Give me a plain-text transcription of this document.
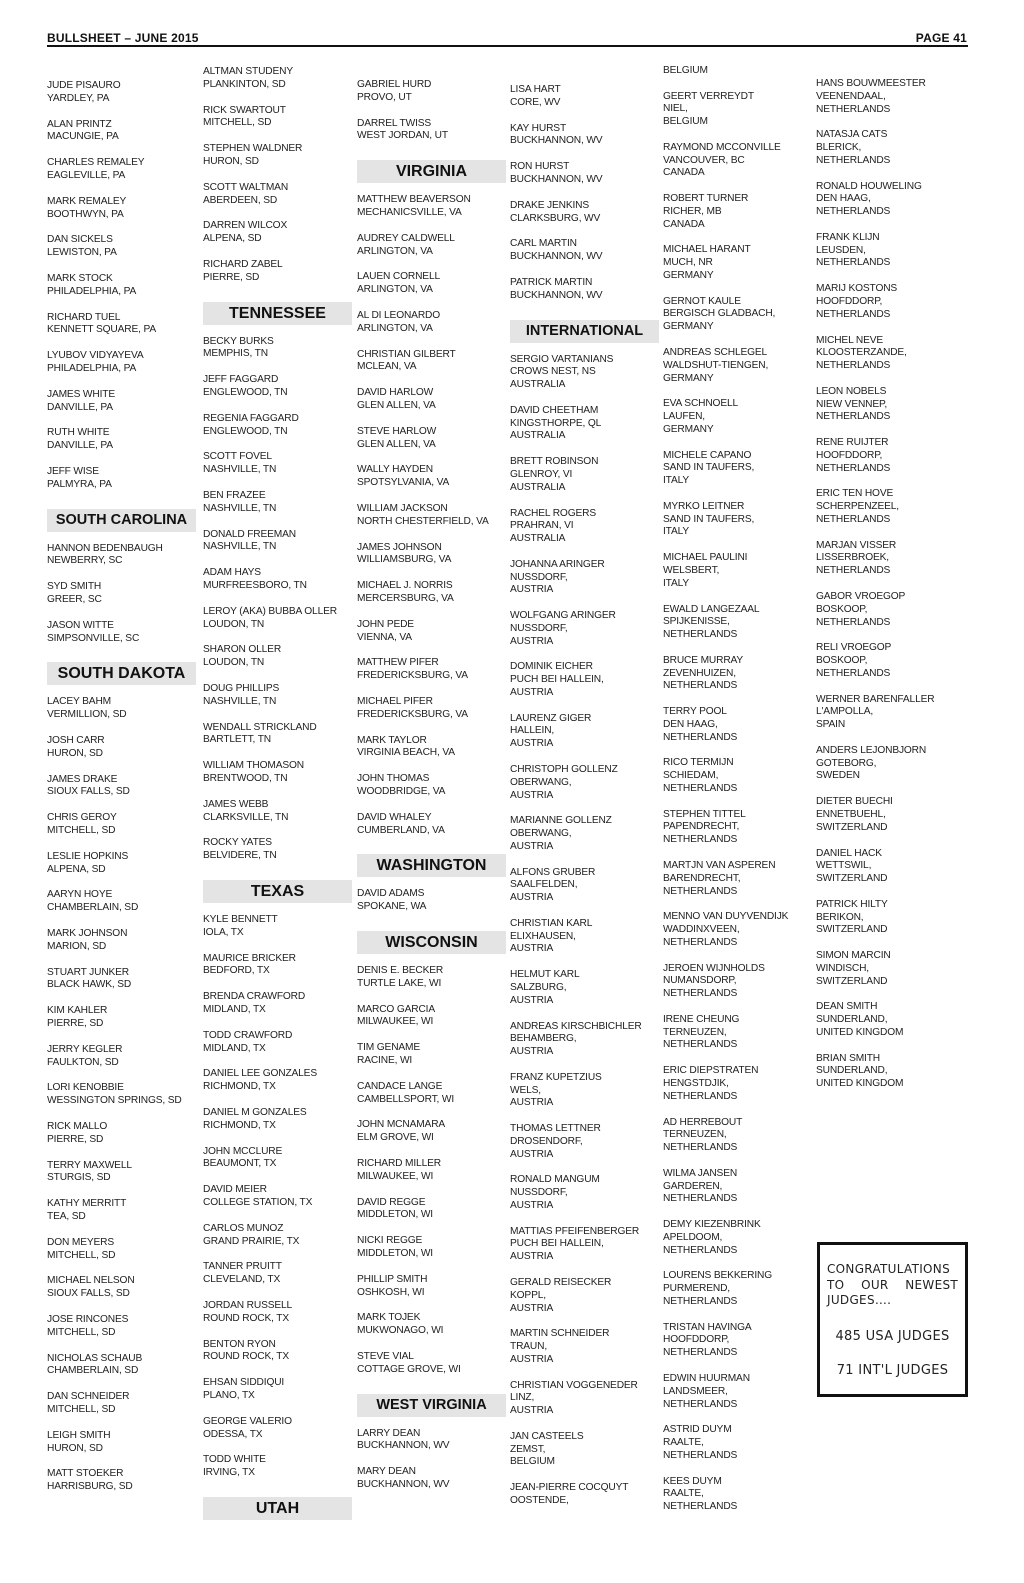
BULLSHEET – JUNE 2015	PAGE 41
JUDE PISAURO
YARDLEY, PA
ALAN PRINTZ
MACUNGIE, PA
CHARLES REMALEY
EAGLEVILLE, PA
MARK REMALEY
BOOTHWYN, PA
DAN SICKELS
LEWISTON, PA
MARK STOCK
PHILADELPHIA, PA
RICHARD TUEL
KENNETT SQUARE, PA
LYUBOV VIDYAYEVA
PHILADELPHIA, PA
JAMES WHITE
DANVILLE, PA
RUTH WHITE
DANVILLE, PA
JEFF WISE
PALMYRA, PA
SOUTH CAROLINA
HANNON BEDENBAUGH
NEWBERRY, SC
SYD SMITH
GREER, SC
JASON WITTE
SIMPSONVILLE, SC
SOUTH DAKOTA
LACEY BAHM
VERMILLION, SD
JOSH CARR
HURON, SD
JAMES DRAKE
SIOUX FALLS, SD
CHRIS GEROY
MITCHELL, SD
LESLIE HOPKINS
ALPENA, SD
AARYN HOYE
CHAMBERLAIN, SD
MARK JOHNSON
MARION, SD
STUART JUNKER
BLACK HAWK, SD
KIM KAHLER
PIERRE, SD
JERRY KEGLER
FAULKTON, SD
LORI KENOBBIE
WESSINGTON SPRINGS, SD
RICK MALLO
PIERRE, SD
TERRY MAXWELL
STURGIS, SD
KATHY MERRITT
TEA, SD
DON MEYERS
MITCHELL, SD
MICHAEL NELSON
SIOUX FALLS, SD
JOSE RINCONES
MITCHELL, SD
NICHOLAS SCHAUB
CHAMBERLAIN, SD
DAN SCHNEIDER
MITCHELL, SD
LEIGH SMITH
HURON, SD
MATT STOEKER
HARRISBURG, SD
ALTMAN STUDENY
PLANKINTON, SD
RICK SWARTOUT
MITCHELL, SD
STEPHEN WALDNER
HURON, SD
SCOTT WALTMAN
ABERDEEN, SD
DARREN WILCOX
ALPENA, SD
RICHARD ZABEL
PIERRE, SD
TENNESSEE
BECKY BURKS
MEMPHIS, TN
JEFF FAGGARD
ENGLEWOOD, TN
REGENIA FAGGARD
ENGLEWOOD, TN
SCOTT FOVEL
NASHVILLE, TN
BEN FRAZEE
NASHVILLE, TN
DONALD FREEMAN
NASHVILLE, TN
ADAM HAYS
MURFREESBORO, TN
LEROY (AKA) BUBBA OLLER
LOUDON, TN
SHARON OLLER
LOUDON, TN
DOUG PHILLIPS
NASHVILLE, TN
WENDALL STRICKLAND
BARTLETT, TN
WILLIAM THOMASON
BRENTWOOD, TN
JAMES WEBB
CLARKSVILLE, TN
ROCKY YATES
BELVIDERE, TN
TEXAS
KYLE BENNETT
IOLA, TX
MAURICE BRICKER
BEDFORD, TX
BRENDA CRAWFORD
MIDLAND, TX
TODD CRAWFORD
MIDLAND, TX
DANIEL LEE GONZALES
RICHMOND, TX
DANIEL M GONZALES
RICHMOND, TX
JOHN MCCLURE
BEAUMONT, TX
DAVID MEIER
COLLEGE STATION, TX
CARLOS MUNOZ
GRAND PRAIRIE, TX
TANNER PRUITT
CLEVELAND, TX
JORDAN RUSSELL
ROUND ROCK, TX
BENTON RYON
ROUND ROCK, TX
EHSAN SIDDIQUI
PLANO, TX
GEORGE VALERIO
ODESSA, TX
TODD WHITE
IRVING, TX
UTAH
GABRIEL HURD
PROVO, UT
DARREL TWISS
WEST JORDAN, UT
VIRGINIA
MATTHEW BEAVERSON
MECHANICSVILLE, VA
AUDREY CALDWELL
ARLINGTON, VA
LAUEN CORNELL
ARLINGTON, VA
AL DI LEONARDO
ARLINGTON, VA
CHRISTIAN GILBERT
MCLEAN, VA
DAVID HARLOW
GLEN ALLEN, VA
STEVE HARLOW
GLEN ALLEN, VA
WALLY HAYDEN
SPOTSYLVANIA, VA
WILLIAM JACKSON
NORTH CHESTERFIELD, VA
JAMES JOHNSON
WILLIAMSBURG, VA
MICHAEL J. NORRIS
MERCERSBURG, VA
JOHN PEDE
VIENNA, VA
MATTHEW PIFER
FREDERICKSBURG, VA
MICHAEL PIFER
FREDERICKSBURG, VA
MARK TAYLOR
VIRGINIA BEACH, VA
JOHN THOMAS
WOODBRIDGE, VA
DAVID WHALEY
CUMBERLAND, VA
WASHINGTON
DAVID ADAMS
SPOKANE, WA
WISCONSIN
DENIS E. BECKER
TURTLE LAKE, WI
MARCO GARCIA
MILWAUKEE, WI
TIM GENAME
RACINE, WI
CANDACE LANGE
CAMBELLSPORT, WI
JOHN MCNAMARA
ELM GROVE, WI
RICHARD MILLER
MILWAUKEE, WI
DAVID REGGE
MIDDLETON, WI
NICKI REGGE
MIDDLETON, WI
PHILLIP SMITH
OSHKOSH, WI
MARK TOJEK
MUKWONAGO, WI
STEVE VIAL
COTTAGE GROVE, WI
WEST VIRGINIA
LARRY DEAN
BUCKHANNON, WV
MARY DEAN
BUCKHANNON, WV
LISA HART
CORE, WV
KAY HURST
BUCKHANNON, WV
RON HURST
BUCKHANNON, WV
DRAKE JENKINS
CLARKSBURG, WV
CARL MARTIN
BUCKHANNON, WV
PATRICK MARTIN
BUCKHANNON, WV
INTERNATIONAL
SERGIO VARTANIANS
CROWS NEST, NS
AUSTRALIA
DAVID CHEETHAM
KINGSTHORPE, QL
AUSTRALIA
BRETT ROBINSON
GLENROY, VI
AUSTRALIA
RACHEL ROGERS
PRAHRAN, VI
AUSTRALIA
JOHANNA ARINGER
NUSSDORF,
AUSTRIA
WOLFGANG ARINGER
NUSSDORF,
AUSTRIA
DOMINIK EICHER
PUCH BEI HALLEIN,
AUSTRIA
LAURENZ GIGER
HALLEIN,
AUSTRIA
CHRISTOPH GOLLENZ
OBERWANG,
AUSTRIA
MARIANNE GOLLENZ
OBERWANG,
AUSTRIA
ALFONS GRUBER
SAALFELDEN,
AUSTRIA
CHRISTIAN KARL
ELIXHAUSEN,
AUSTRIA
HELMUT KARL
SALZBURG,
AUSTRIA
ANDREAS KIRSCHBICHLER
BEHAMBERG,
AUSTRIA
FRANZ KUPETZIUS
WELS,
AUSTRIA
THOMAS LETTNER
DROSENDORF,
AUSTRIA
RONALD MANGUM
NUSSDORF,
AUSTRIA
MATTIAS PFEIFENBERGER
PUCH BEI HALLEIN,
AUSTRIA
GERALD REISECKER
KOPPL,
AUSTRIA
MARTIN SCHNEIDER
TRAUN,
AUSTRIA
CHRISTIAN VOGGENEDER
LINZ,
AUSTRIA
JAN CASTEELS
ZEMST,
BELGIUM
JEAN-PIERRE COCQUYT
OOSTENDE,
BELGIUM
GEERT VERREYDT
NIEL,
BELGIUM
RAYMOND MCCONVILLE
VANCOUVER, BC
CANADA
ROBERT TURNER
RICHER, MB
CANADA
MICHAEL HARANT
MUCH, NR
GERMANY
GERNOT KAULE
BERGISCH GLADBACH,
GERMANY
ANDREAS SCHLEGEL
WALDSHUT-TIENGEN,
GERMANY
EVA SCHNOELL
LAUFEN,
GERMANY
MICHELE CAPANO
SAND IN TAUFERS,
ITALY
MYRKO LEITNER
SAND IN TAUFERS,
ITALY
MICHAEL PAULINI
WELSBERT,
ITALY
EWALD LANGEZAAL
SPIJKENISSE,
NETHERLANDS
BRUCE MURRAY
ZEVENHUIZEN,
NETHERLANDS
TERRY POOL
DEN HAAG,
NETHERLANDS
RICO TERMIJN
SCHIEDAM,
NETHERLANDS
STEPHEN TITTEL
PAPENDRECHT,
NETHERLANDS
MARTJN VAN ASPEREN
BARENDRECHT,
NETHERLANDS
MENNO VAN DUYVENDIJK
WADDINXVEEN,
NETHERLANDS
JEROEN WIJNHOLDS
NUMANSDORP,
NETHERLANDS
IRENE CHEUNG
TERNEUZEN,
NETHERLANDS
ERIC DIEPSTRATEN
HENGSTDJIK,
NETHERLANDS
AD HERREBOUT
TERNEUZEN,
NETHERLANDS
WILMA JANSEN
GARDEREN,
NETHERLANDS
DEMY KIEZENBRINK
APELDOOM,
NETHERLANDS
LOURENS BEKKERING
PURMEREND,
NETHERLANDS
TRISTAN HAVINGA
HOOFDDORP,
NETHERLANDS
EDWIN HUURMAN
LANDSMEER,
NETHERLANDS
ASTRID DUYM
RAALTE,
NETHERLANDS
KEES DUYM
RAALTE,
NETHERLANDS
HANS BOUWMEESTER
VEENENDAAL,
NETHERLANDS
NATASJA CATS
BLERICK,
NETHERLANDS
RONALD HOUWELING
DEN HAAG,
NETHERLANDS
FRANK KLIJN
LEUSDEN,
NETHERLANDS
MARIJ KOSTONS
HOOFDDORP,
NETHERLANDS
MICHEL NEVE
KLOOSTERZANDE,
NETHERLANDS
LEON NOBELS
NIEW VENNEP,
NETHERLANDS
RENE RUIJTER
HOOFDDORP,
NETHERLANDS
ERIC TEN HOVE
SCHERPENZEEL,
NETHERLANDS
MARJAN VISSER
LISSERBROEK,
NETHERLANDS
GABOR VROEGOP
BOSKOOP,
NETHERLANDS
RELI VROEGOP
BOSKOOP,
NETHERLANDS
WERNER BARENFALLER
L'AMPOLLA,
SPAIN
ANDERS LEJONBJORN
GOTEBORG,
SWEDEN
DIETER BUECHI
ENNETBUEHL,
SWITZERLAND
DANIEL HACK
WETTSWIL,
SWITZERLAND
PATRICK HILTY
BERIKON,
SWITZERLAND
SIMON MARCIN
WINDISCH,
SWITZERLAND
DEAN SMITH
SUNDERLAND,
UNITED KINGDOM
BRIAN SMITH
SUNDERLAND,
UNITED KINGDOM
CONGRATULATIONS
TO OUR NEWEST
JUDGES….
485 USA JUDGES
71 INT'L JUDGES
